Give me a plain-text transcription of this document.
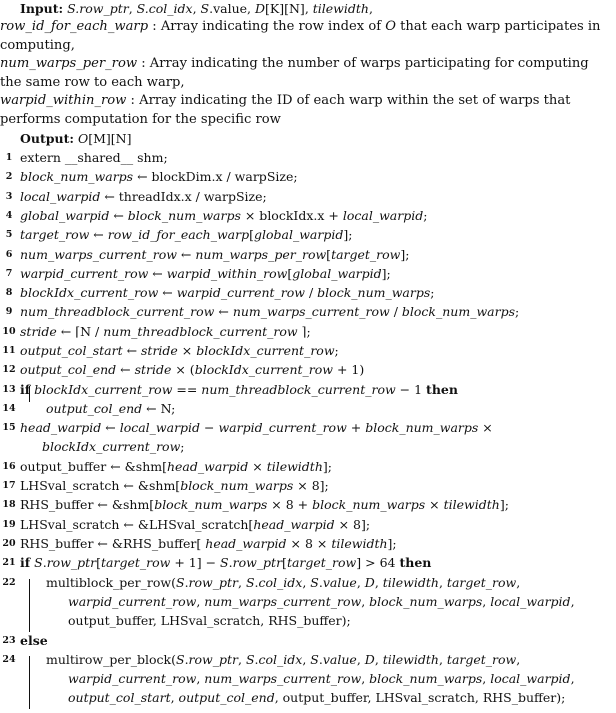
Input: S.row_ptr, S.col_idx, S.value, D[K][N], tilewidth,
row_id_for_each_warp : Array indicating the row index of O that each warp participates in computing,
num_warps_per_row : Array indicating the number of warps participating for computing the same row to each warp,
warpid_within_row : Array indicating the ID of each warp within the set of warps that performs computation for the specific row
Output: O[M][N]
1 extern __shared__ shm;
2 block_num_warps ← blockDim.x / warpSize;
3 local_warpid ← threadIdx.x / warpSize;
4 global_warpid ← block_num_warps × blockIdx.x + local_warpid;
5 target_row ← row_id_for_each_warp[global_warpid];
6 num_warps_current_row ← num_warps_per_row[target_row];
7 warpid_current_row ← warpid_within_row[global_warpid];
8 blockIdx_current_row ← warpid_current_row / block_num_warps;
9 num_threadblock_current_row ← num_warps_current_row / block_num_warps;
10 stride ← ⌈N / num_threadblock_current_row ⌉;
11 output_col_start ← stride × blockIdx_current_row;
12 output_col_end ← stride × (blockIdx_current_row + 1)
13 if blockIdx_current_row == num_threadblock_current_row − 1 then
14 output_col_end ← N;
15 head_warpid ← local_warpid − warpid_current_row + block_num_warps ×
blockIdx_current_row;
16 output_buffer ← &shm[head_warpid × tilewidth];
17 LHSval_scratch ← &shm[block_num_warps × 8];
18 RHS_buffer ← &shm[block_num_warps × 8 + block_num_warps × tilewidth];
19 LHSval_scratch ← &LHSval_scratch[head_warpid × 8];
20 RHS_buffer ← &RHS_buffer[ head_warpid × 8 × tilewidth];
21 if S.row_ptr[target_row + 1] − S.row_ptr[target_row] > 64 then
22 multiblock_per_row(S.row_ptr, S.col_idx, S.value, D, tilewidth, target_row,
warpid_current_row, num_warps_current_row, block_num_warps, local_warpid,
output_buffer, LHSval_scratch, RHS_buffer);
23 else
24 multirow_per_block(S.row_ptr, S.col_idx, S.value, D, tilewidth, target_row,
warpid_current_row, num_warps_current_row, block_num_warps, local_warpid,
output_col_start, output_col_end, output_buffer, LHSval_scratch, RHS_buffer);
